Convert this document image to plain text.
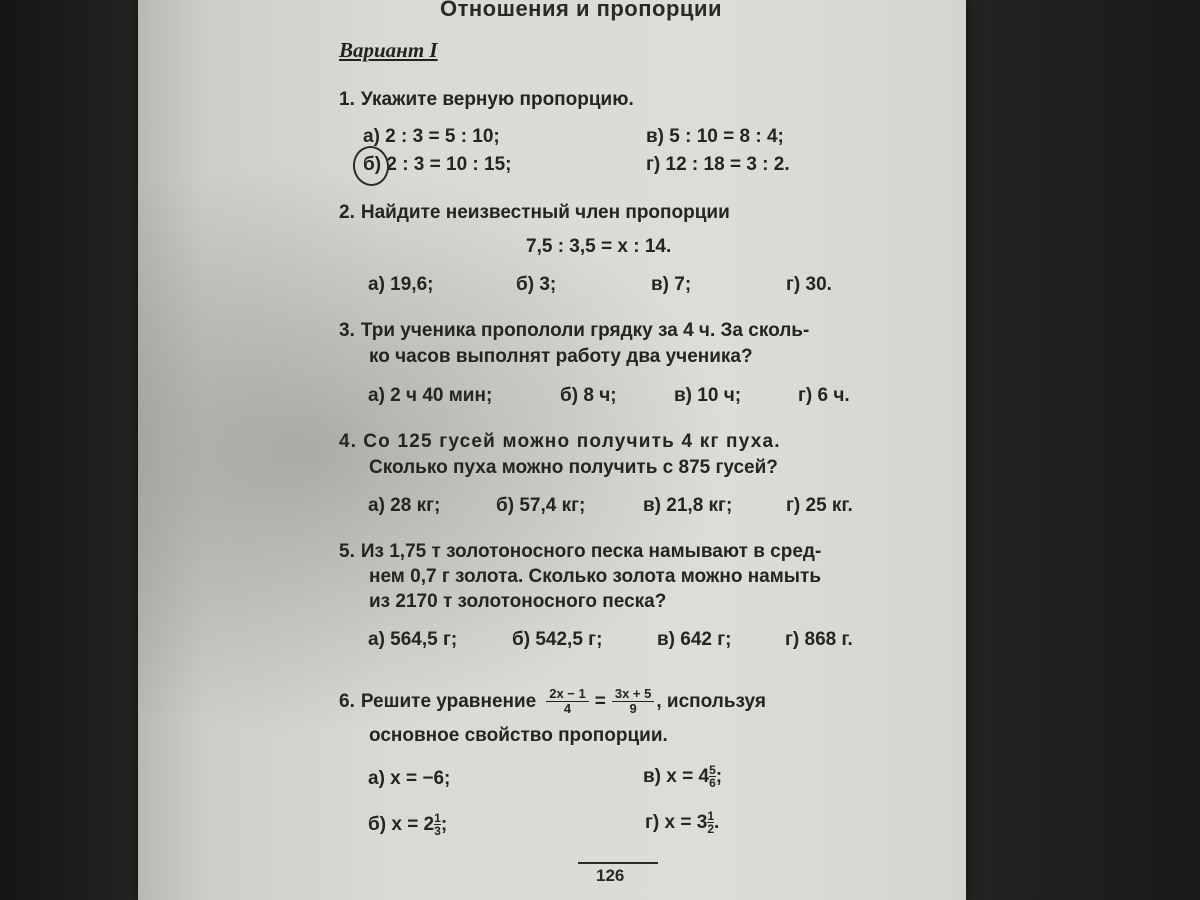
Отношения и пропорции
Вариант I
1. Укажите верную пропорцию.
а) 2 : 3 = 5 : 10;
б) 2 : 3 = 10 : 15;
в) 5 : 10 = 8 : 4;
г) 12 : 18 = 3 : 2.
2. Найдите неизвестный член пропорции
7,5 : 3,5 = x : 14.
а) 19,6;	б) 3;	в) 7;	г) 30.
3. Три ученика пропололи грядку за 4 ч. За сколь-
ко часов выполнят работу два ученика?
а) 2 ч 40 мин;	б) 8 ч;	в) 10 ч;	г) 6 ч.
4. Со 125 гусей можно получить 4 кг пуха.
Сколько пуха можно получить с 875 гусей?
а) 28 кг;	б) 57,4 кг;	в) 21,8 кг;	г) 25 кг.
5. Из 1,75 т золотоносного песка намывают в сред-
нем 0,7 г золота. Сколько золота можно намыть
из 2170 т золотоносного песка?
а) 564,5 г;	б) 542,5 г;	в) 642 г;	г) 868 г.
6. Решите уравнение $\frac{2x - 1}{4} = \frac{3x + 5}{9}$ , используя
основное свойство пропорции.
а) x = −6;	в) $x = 4 \frac{5}{6}$ ;
б) $x = 2 \frac{1}{3}$ ;	г) $x = 3 \frac{1}{2}$ .
126
